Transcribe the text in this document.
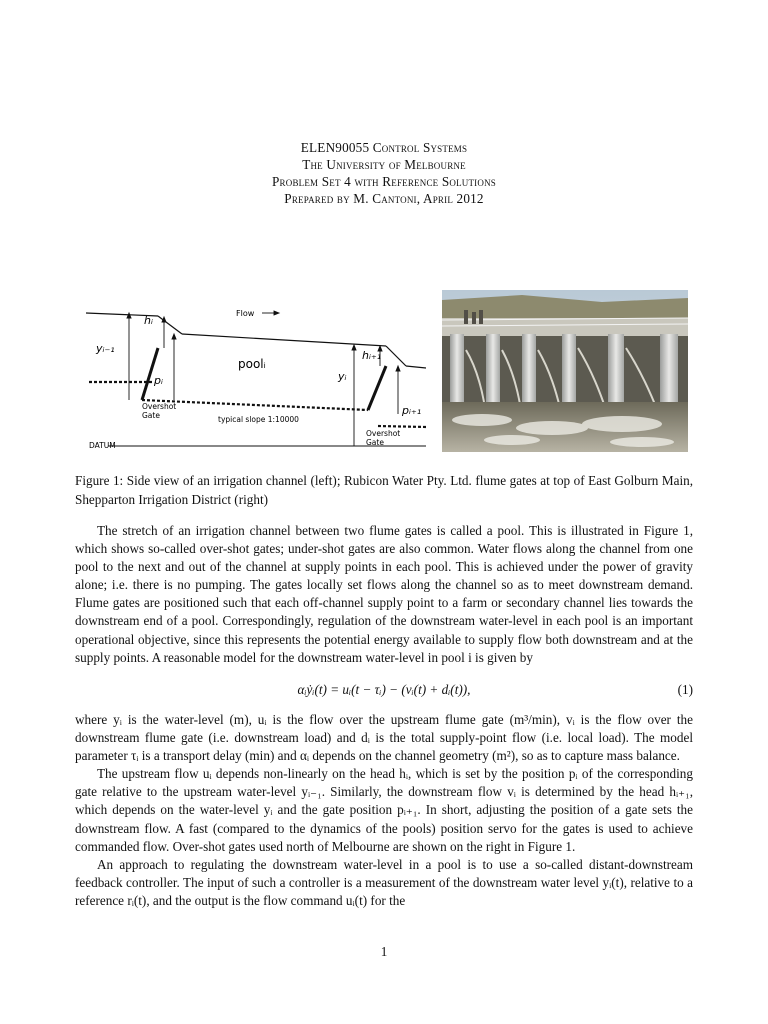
ELEN90055 Control Systems
The University of Melbourne
Problem Set 4 with Reference Solutions
Prepared by M. Cantoni, April 2012
Flow
hᵢ
yᵢ₋₁
pᵢ
poolᵢ
hᵢ₊₁
yᵢ
pᵢ₊₁
Overshot
Gate	typical slope 1:10000
Overshot
Gate
DATUM
Figure 1: Side view of an irrigation channel (left); Rubicon Water Pty. Ltd. flume gates at top of East Golburn Main, Shepparton Irrigation District (right)

The stretch of an irrigation channel between two flume gates is called a pool. This is illustrated in Figure 1, which shows so-called over-shot gates; under-shot gates are also common. Water flows along the channel from one pool to the next and out of the channel at supply points in each pool. This is achieved under the power of gravity alone; i.e. there is no pumping. The gates locally set flows along the channel so as to meet downstream demand. Flume gates are positioned such that each off-channel supply point to a farm or secondary channel lies towards the downstream end of a pool. Correspondingly, regulation of the downstream water-level in each pool is an important operational objective, since this represents the potential energy available to supply flow both downstream and at the supply points. A reasonable model for the downstream water-level in pool i is given by

αᵢẏᵢ(t) = uᵢ(t − τᵢ) − (vᵢ(t) + dᵢ(t)),	(1)

where yᵢ is the water-level (m), uᵢ is the flow over the upstream flume gate (m³/min), vᵢ is the flow over the downstream flume gate (i.e. downstream load) and dᵢ is the total supply-point flow (i.e. local load). The model parameter τᵢ is a transport delay (min) and αᵢ depends on the channel geometry (m²), so as to capture mass balance.

The upstream flow uᵢ depends non-linearly on the head hᵢ, which is set by the position pᵢ of the corresponding gate relative to the upstream water-level yᵢ₋₁. Similarly, the downstream flow vᵢ is determined by the head hᵢ₊₁, which depends on the water-level yᵢ and the gate position pᵢ₊₁. In short, adjusting the position of a gate sets the downstream flow. A fast (compared to the dynamics of the pools) position servo for the gates is used to achieve commanded flow. Over-shot gates used north of Melbourne are shown on the right in Figure 1.

An approach to regulating the downstream water-level in a pool is to use a so-called distant-downstream feedback controller. The input of such a controller is a measurement of the downstream water level yᵢ(t), relative to a reference rᵢ(t), and the output is the flow command uᵢ(t) for the

1
